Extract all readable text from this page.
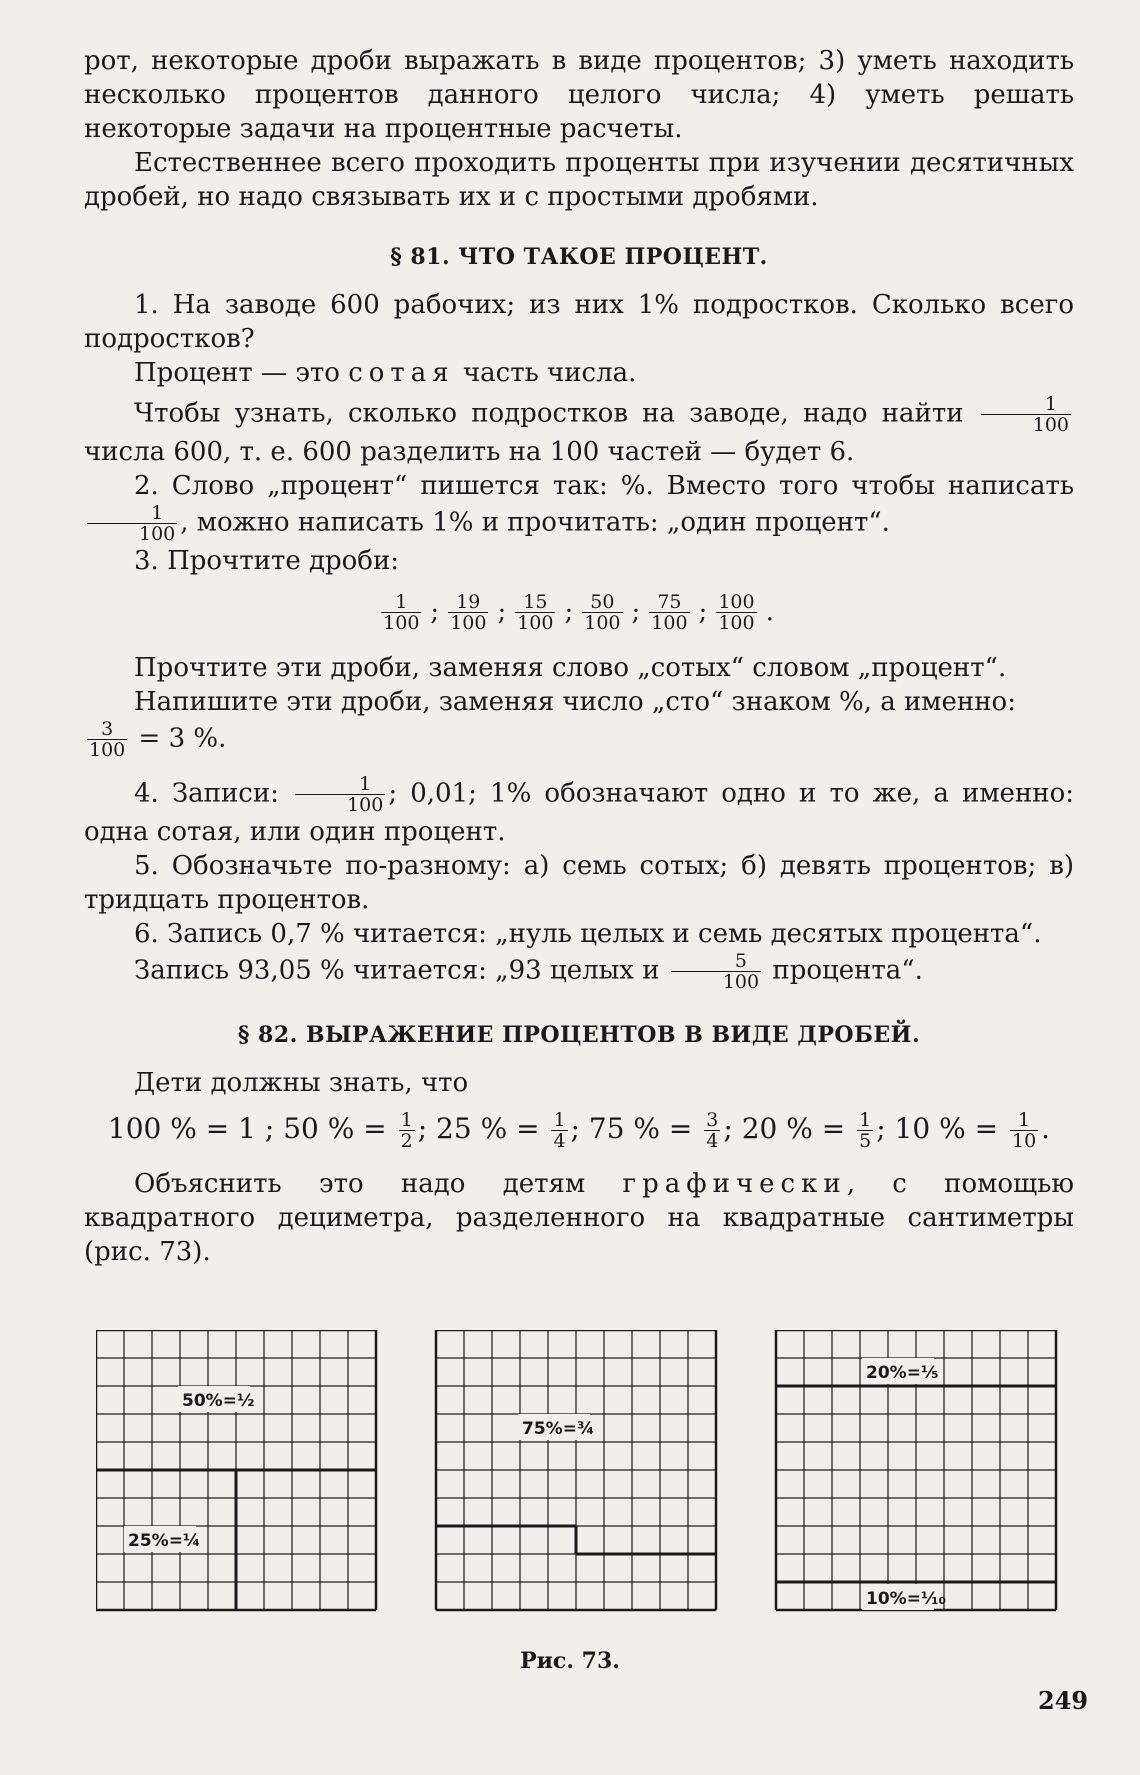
рот, некоторые дроби выражать в виде процентов; 3) уметь находить несколько процентов данного целого числа; 4) уметь решать некоторые задачи на процентные расчеты.

Естественнее всего проходить проценты при изучении десятичных дробей, но надо связывать их и с простыми дробями.

§ 81. ЧТО ТАКОЕ ПРОЦЕНТ.

1. На заводе 600 рабочих; из них 1% подростков. Сколько всего подростков?

Процент — это сотая часть числа.

Чтобы узнать, сколько подростков на заводе, надо найти $\frac{1}{100}$
числа 600, т. е. 600 разделить на 100 частей — будет 6.

2. Слово „процент“ пишется так: %. Вместо того чтобы написать
$\frac{1}{100}$ , можно написать 1% и прочитать: „один процент“.

3. Прочтите дроби:

$\frac{1}{100}$ ; $\frac{19}{100}$ ; $\frac{15}{100}$ ; $\frac{50}{100}$ ; $\frac{75}{100}$ ; $\frac{100}{100}$ .

Прочтите эти дроби, заменяя слово „сотых“ словом „процент“.

Напишите эти дроби, заменяя число „сто“ знаком %, а именно:

$\frac{3}{100} = 3$ %.

4. Записи: $\frac{1}{100}$ ; 0,01; 1% обозначают одно и то же, а именно: одна сотая, или один процент.

5. Обозначьте по-разному: а) семь сотых; б) девять процентов; в) тридцать процентов.

6. Запись 0,7 % читается: „нуль целых и семь десятых процента“.

Запись 93,05 % читается: „93 целых и $\frac{5}{100}$ процента“.

§ 82. ВЫРАЖЕНИЕ ПРОЦЕНТОВ В ВИДЕ ДРОБЕЙ.

Дети должны знать, что

100 % = 1 ; 50 % = $\frac{1}{2}$ ; 25 % = $\frac{1}{4}$ ; 75 % = $\frac{3}{4}$ ; 20 % = $\frac{1}{5}$ ; 10 % = $\frac{1}{10}$ .

Объяснить это надо детям графически, с помощью квадратного дециметра, разделенного на квадратные сантиметры (рис. 73).

50%=½
25%=¼
75%=¾
20%=⅕
10%=⅒
Рис. 73.
249
